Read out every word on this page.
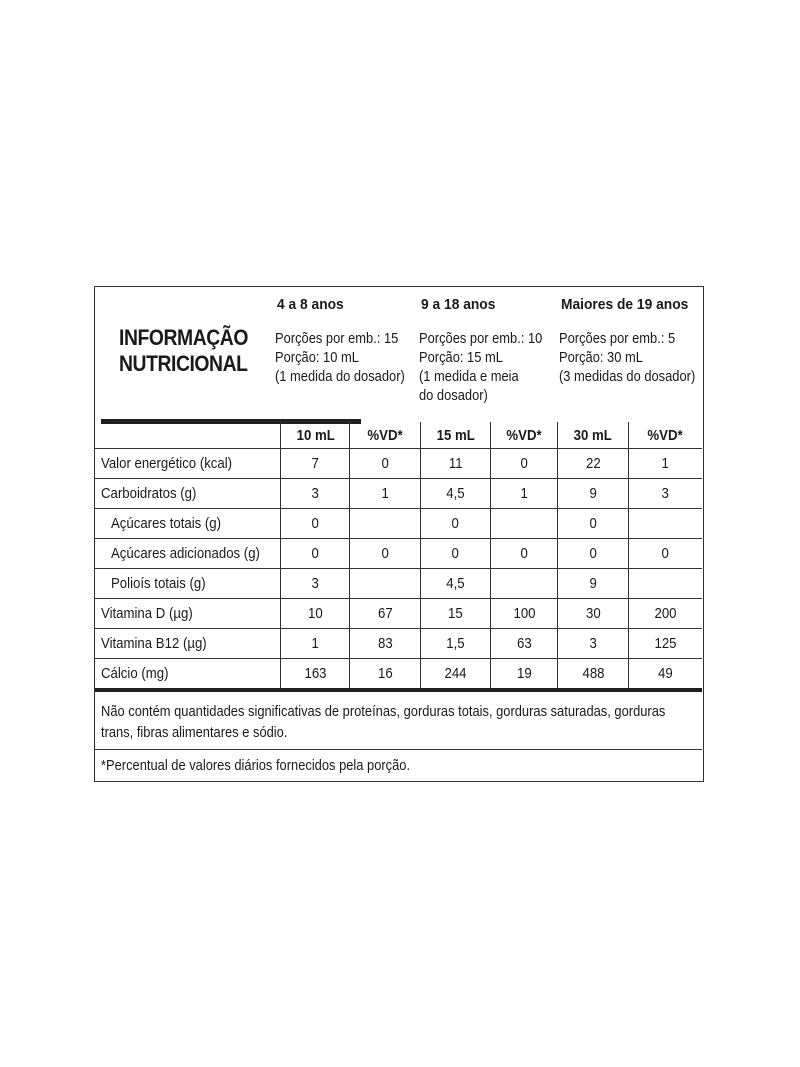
INFORMAÇÃO
NUTRICIONAL
4 a 8 anos
Porções por emb.: 15
Porção: 10 mL
(1 medida do dosador)
9 a 18 anos
Porções por emb.: 10
Porção: 15 mL
(1 medida e meia
do dosador)
Maiores de 19 anos
Porções por emb.: 5
Porção: 30 mL
(3 medidas do dosador)
	10 mL	%VD*	15 mL	%VD*	30 mL	%VD*
Valor energético (kcal)	7	0	11	0	22	1
Carboidratos (g)	3	1	4,5	1	9	3
Açúcares totais (g)	0		0		0	
Açúcares adicionados (g)	0	0	0	0	0	0
Polioís totais (g)	3		4,5		9	
Vitamina D (µg)	10	67	15	100	30	200
Vitamina B12 (µg)	1	83	1,5	63	3	125
Cálcio (mg)	163	16	244	19	488	49
Não contém quantidades significativas de proteínas, gorduras totais, gorduras saturadas, gorduras trans, fibras alimentares e sódio.
*Percentual de valores diários fornecidos pela porção.
